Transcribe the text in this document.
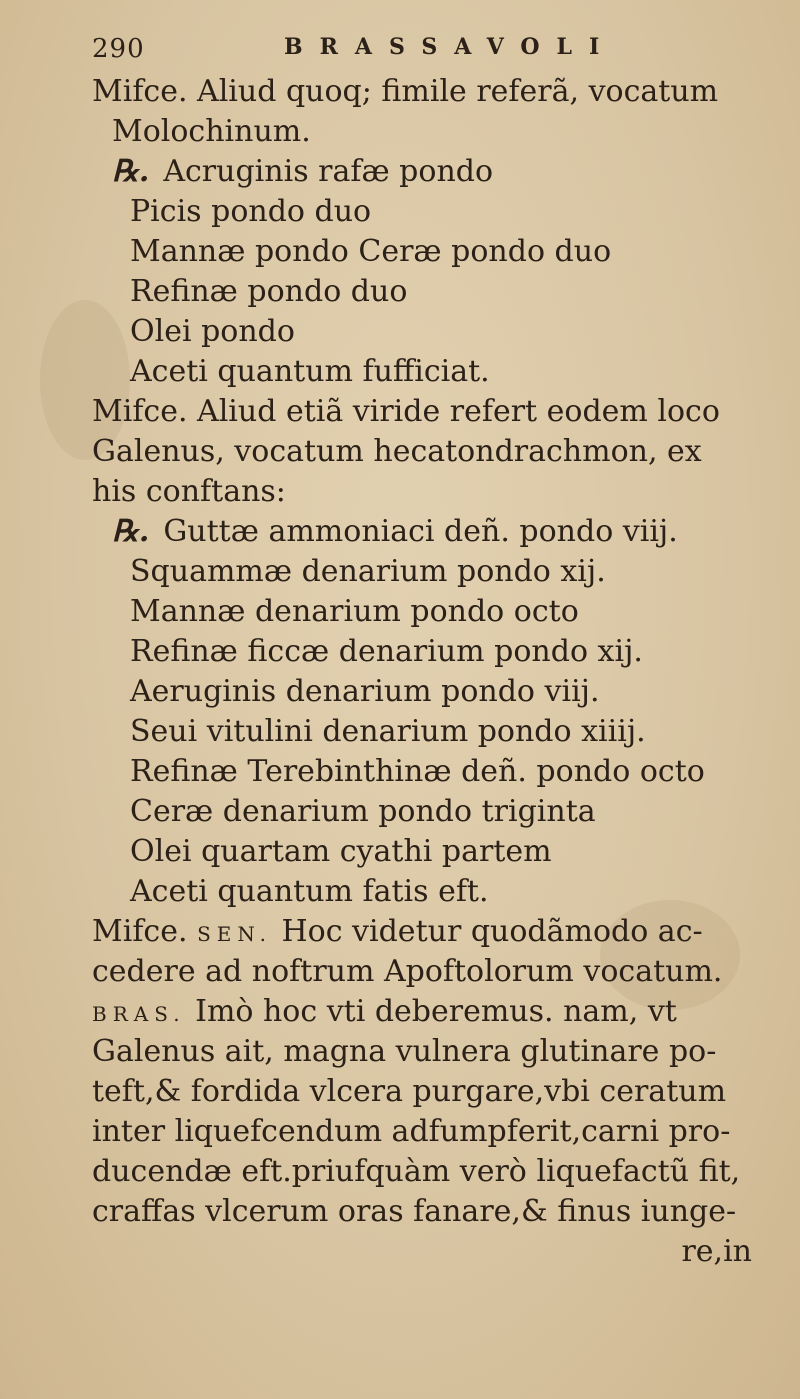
290	BRASSAVOLI
Mifce. Aliud quoq; fimile referã, vocatum
Molochinum.
℞. Acruginis rafæ pondo
Picis pondo duo
Mannæ pondo Ceræ pondo duo
Refinæ pondo duo
Olei pondo
Aceti quantum fufficiat.
Mifce. Aliud etiã viride refert eodem loco
Galenus, vocatum hecatondrachmon, ex
his conftans:
℞. Guttæ ammoniaci deñ. pondo viij.
Squammæ denarium pondo xij.
Mannæ denarium pondo octo
Refinæ ficcæ denarium pondo xij.
Aeruginis denarium pondo viij.
Seui vitulini denarium pondo xiiij.
Refinæ Terebinthinæ deñ. pondo octo
Ceræ denarium pondo triginta
Olei quartam cyathi partem
Aceti quantum fatis eft.
Mifce. SEN. Hoc videtur quodãmodo ac-
cedere ad noftrum Apoftolorum vocatum.
BRAS. Imò hoc vti deberemus. nam, vt
Galenus ait, magna vulnera glutinare po-
teft,& fordida vlcera purgare,vbi ceratum
inter liquefcendum adfumpferit,carni pro-
ducendæ eft.priufquàm verò liquefactũ fit,
craffas vlcerum oras fanare,& finus iunge-
re,in
